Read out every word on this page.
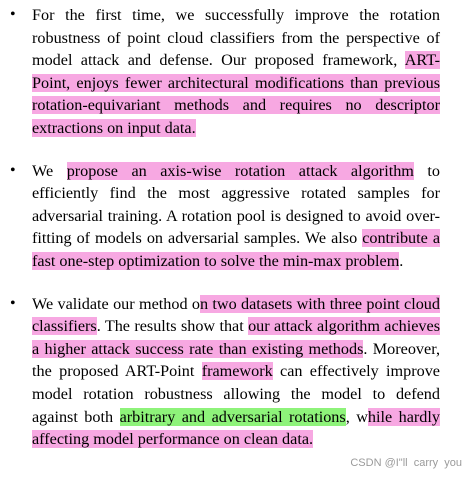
• For the first time, we successfully improve the rotation robustness of point cloud classifiers from the perspective of model attack and defense. Our proposed framework, ART-Point, enjoys fewer architectural modifications than previous rotation-equivariant methods and requires no descriptor extractions on input data.
• We propose an axis-wise rotation attack algorithm to efficiently find the most aggressive rotated samples for adversarial training. A rotation pool is designed to avoid over-fitting of models on adversarial samples. We also contribute a fast one-step optimization to solve the min-max problem.
• We validate our method on two datasets with three point cloud classifiers. The results show that our attack algorithm achieves a higher attack success rate than existing methods. Moreover, the proposed ART-Point framework can effectively improve model rotation robustness allowing the model to defend against both arbitrary and adversarial rotations, while hardly affecting model performance on clean data.
CSDN @I"ll  carry  you
